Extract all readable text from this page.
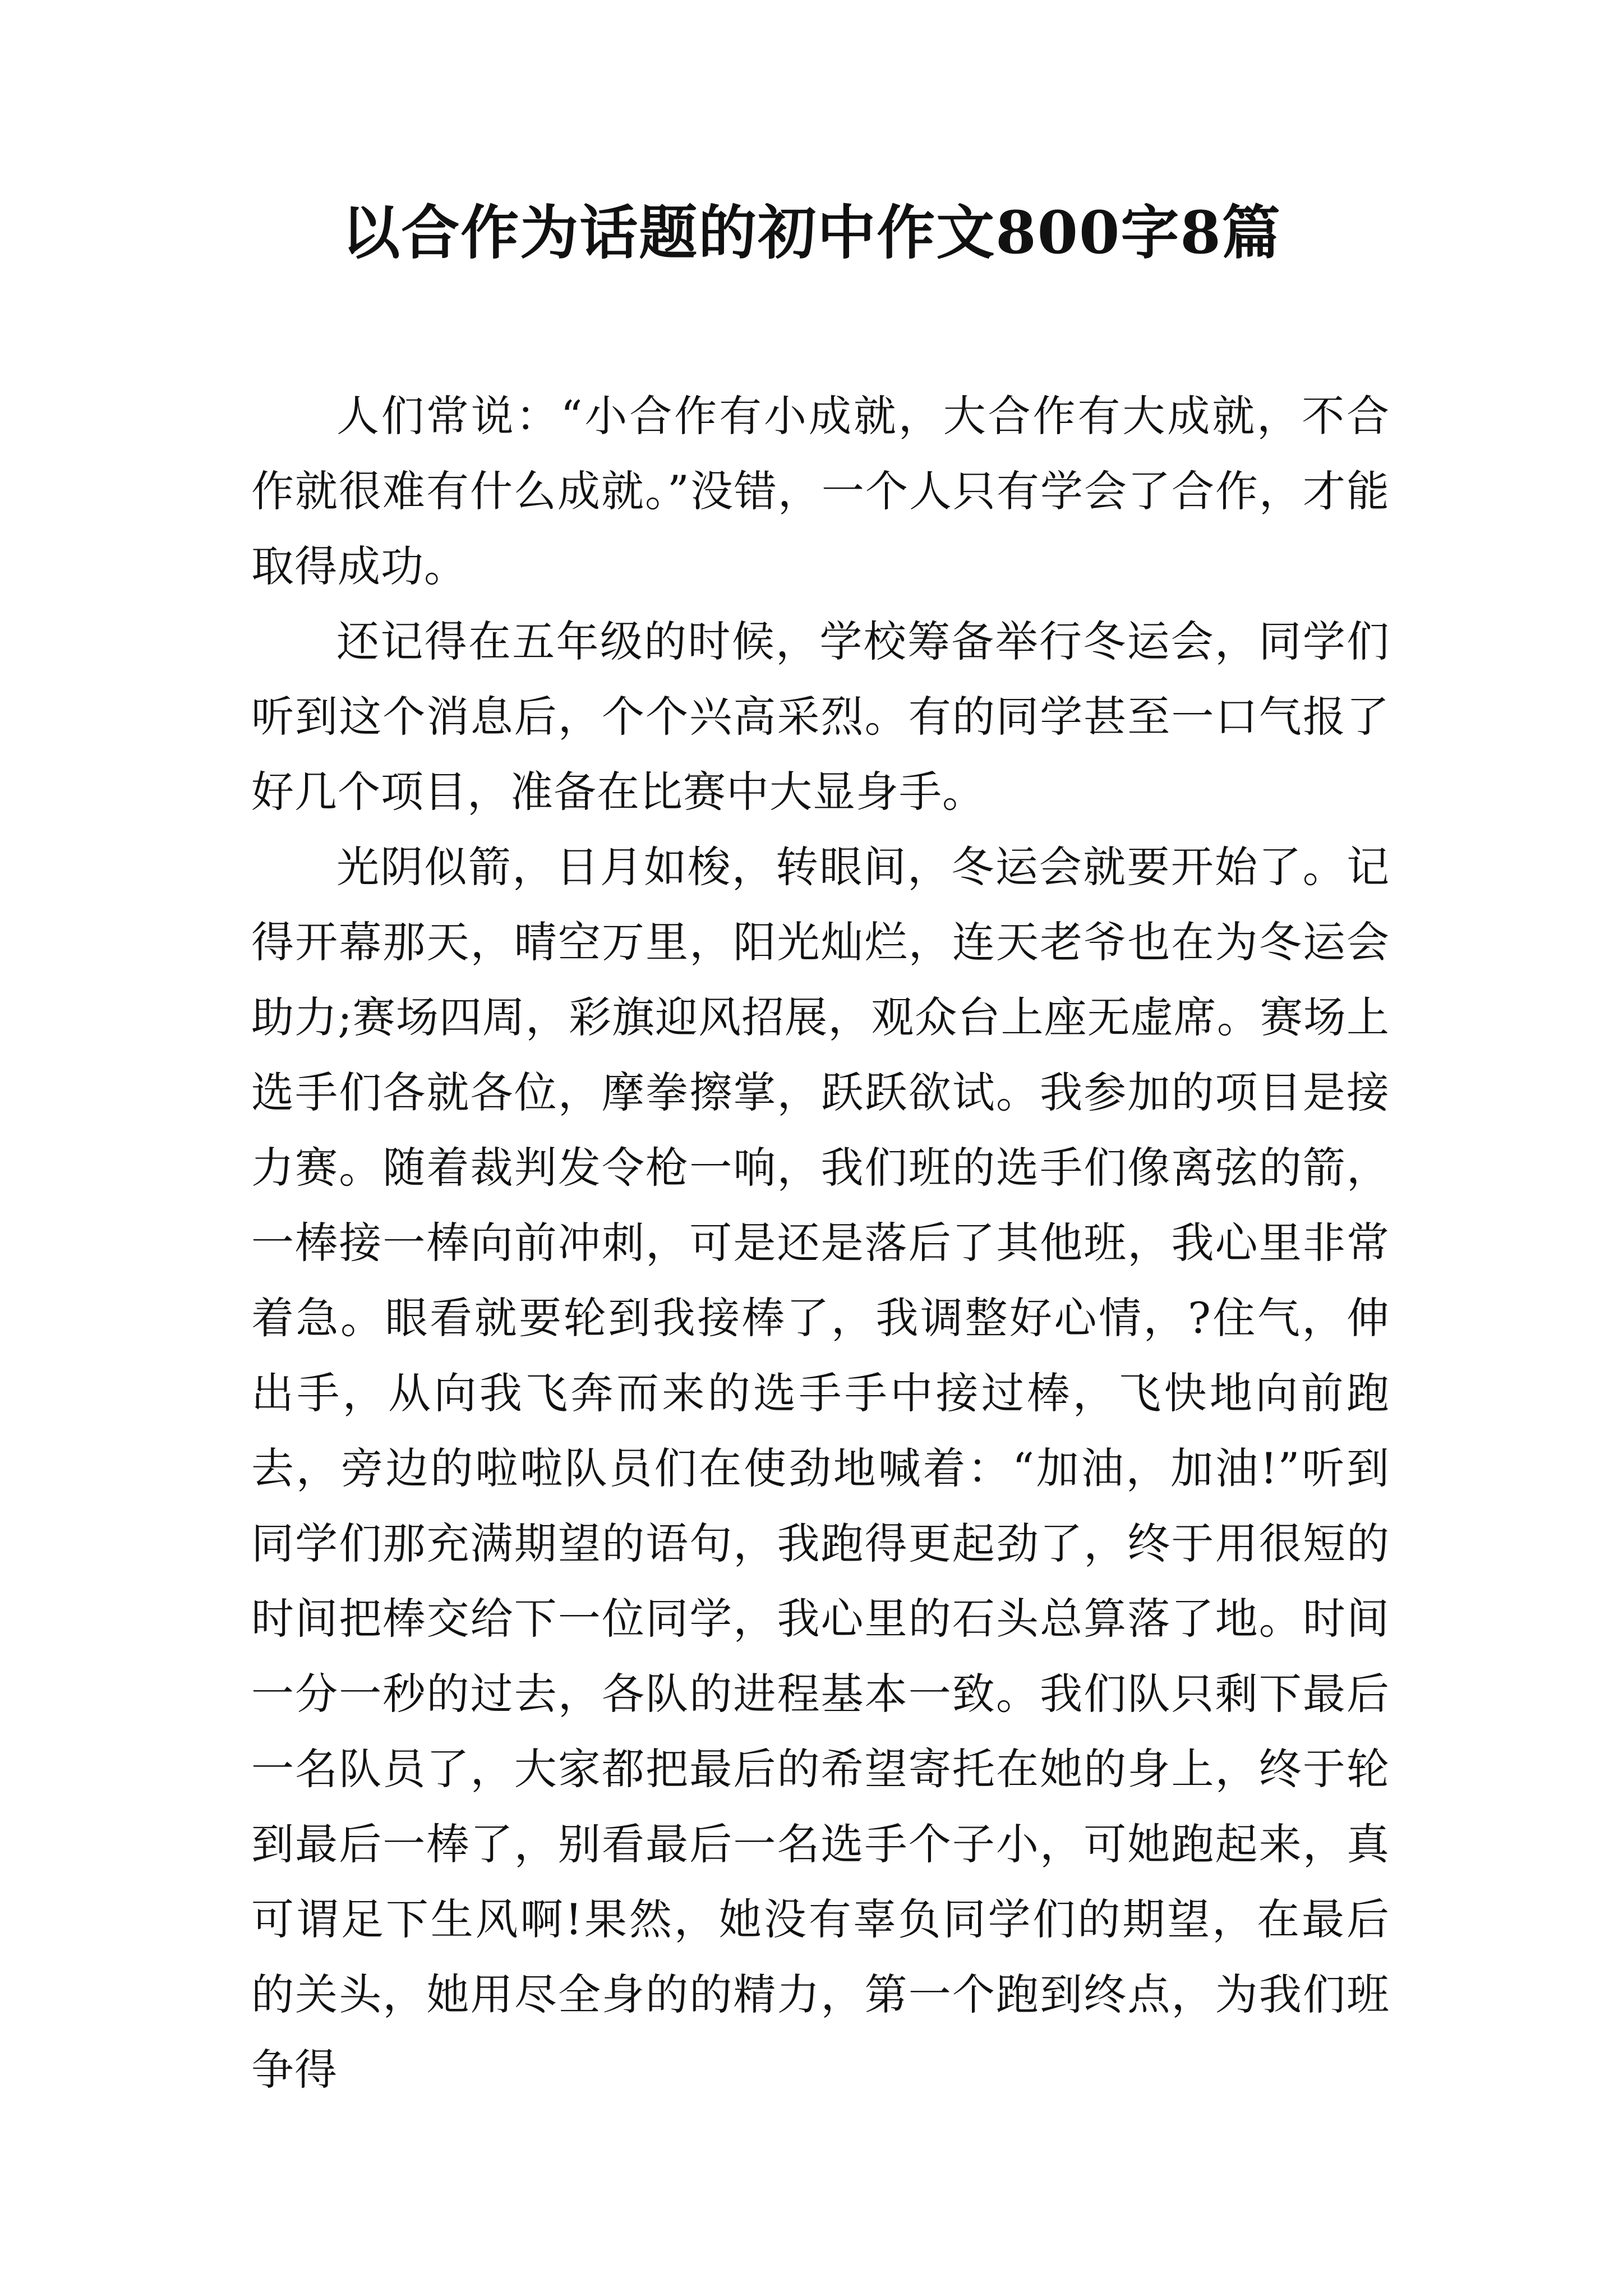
以合作为话题的初中作文800字8篇

人们常说：“小合作有小成就，大合作有大成就，不合作就很难有什么成就。”没错，一个人只有学会了合作，才能取得成功。

还记得在五年级的时候，学校筹备举行冬运会，同学们听到这个消息后，个个兴高采烈。有的同学甚至一口气报了好几个项目，准备在比赛中大显身手。

光阴似箭，日月如梭，转眼间，冬运会就要开始了。记得开幕那天，晴空万里，阳光灿烂，连天老爷也在为冬运会助力;赛场四周，彩旗迎风招展，观众台上座无虚席。赛场上选手们各就各位，摩拳擦掌，跃跃欲试。我参加的项目是接力赛。随着裁判发令枪一响，我们班的选手们像离弦的箭，一棒接一棒向前冲刺，可是还是落后了其他班，我心里非常着急。眼看就要轮到我接棒了，我调整好心情，?住气，伸出手，从向我飞奔而来的选手手中接过棒，飞快地向前跑去，旁边的啦啦队员们在使劲地喊着：“加油，加油!”听到同学们那充满期望的语句，我跑得更起劲了，终于用很短的时间把棒交给下一位同学，我心里的石头总算落了地。时间一分一秒的过去，各队的进程基本一致。我们队只剩下最后一名队员了，大家都把最后的希望寄托在她的身上，终于轮到最后一棒了，别看最后一名选手个子小，可她跑起来，真可谓足下生风啊!果然，她没有辜负同学们的期望，在最后的关头，她用尽全身的的精力，第一个跑到终点，为我们班争得
